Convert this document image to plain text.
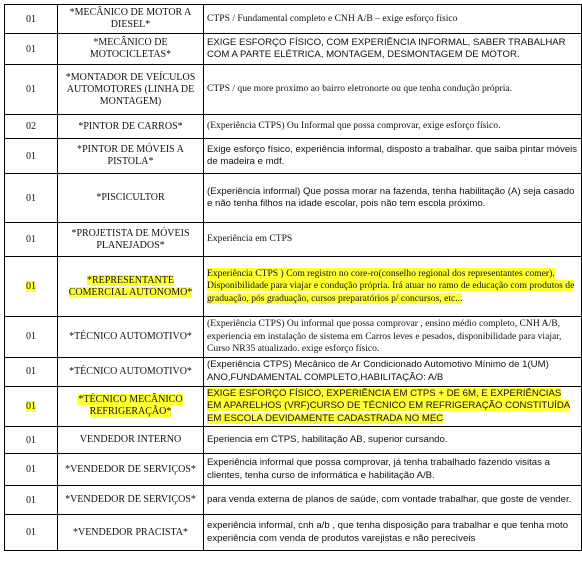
01	*MECÂNICO DE MOTOR A DIESEL*	CTPS / Fundamental completo e CNH A/B – exige esforço físico
01	*MECÂNICO DE MOTOCICLETAS*	EXIGE ESFORÇO FÍSICO, COM EXPERIÊNCIA INFORMAL, SABER TRABALHAR COM A PARTE ELÉTRICA, MONTAGEM, DESMONTAGEM DE MOTOR.
01	*MONTADOR DE VEÍCULOS AUTOMOTORES (LINHA DE MONTAGEM)	CTPS / que more proximo ao bairro eletronorte ou que tenha condução própria.
02	*PINTOR DE CARROS*	(Experiência CTPS) Ou Informal que possa comprovar, exige esforço físico.
01	*PINTOR DE MÓVEIS A PISTOLA*	Exige esforço físico, experiência informal, disposto a trabalhar. que saiba pintar móveis de madeira e mdf.
01	*PISCICULTOR	(Experiência informal) Que possa morar na fazenda, tenha habilitação (A) seja casado e não tenha filhos na idade escolar, pois não tem escola próximo.
01	*PROJETISTA DE MÓVEIS PLANEJADOS*	Experiência em CTPS
01	*REPRESENTANTE COMERCIAL AUTONOMO*	Experiência CTPS ) Com registro no core-ro(conselho regional dos representantes comer). Disponibilidade para viajar e condução própria. Irá atuar no ramo de educação com produtos de graduação, pós graduação, cursos preparatórios p/ concursos, etc...
01	*TÉCNICO AUTOMOTIVO*	(Experiência CTPS) Ou informal que possa comprovar , ensino médio completo, CNH A/B, experiencia em instalação de sistema em Carros leves e pesados, disponibilidade para viajar, Curso NR35 atualizado. exige esforço físico.
01	*TÉCNICO AUTOMOTIVO*	(Experiência CTPS) Mecânico de Ar Condicionado Automotivo Mínimo de 1(UM) ANO,FUNDAMENTAL COMPLETO,HABILITAÇÃO: A/B
01	*TÉCNICO MECÂNICO REFRIGERAÇÃO*	EXIGE ESFORÇO FÍSICO, EXPERIÊNCIA EM CTPS + DE 6M, E EXPERIÊNCIAS EM APARELHOS (VRF)CURSO DE TÉCNICO EM REFRIGERAÇÃO CONSTITUÍDA EM ESCOLA DEVIDAMENTE CADASTRADA NO MEC
01	VENDEDOR INTERNO	Eperiencia em CTPS, habilitação AB, superior cursando.
01	*VENDEDOR DE SERVIÇOS*	Experiência informal que possa comprovar, já tenha trabalhado fazendo visitas a clientes, tenha curso de informática e habilitação A/B.
01	*VENDEDOR DE SERVIÇOS*	para venda externa de planos de saúde, com vontade trabalhar, que goste de vender.
01	*VENDEDOR PRACISTA*	experiência informal, cnh a/b , que tenha disposição para trabalhar e que tenha moto experiência com venda de produtos varejistas e não perecíveis
